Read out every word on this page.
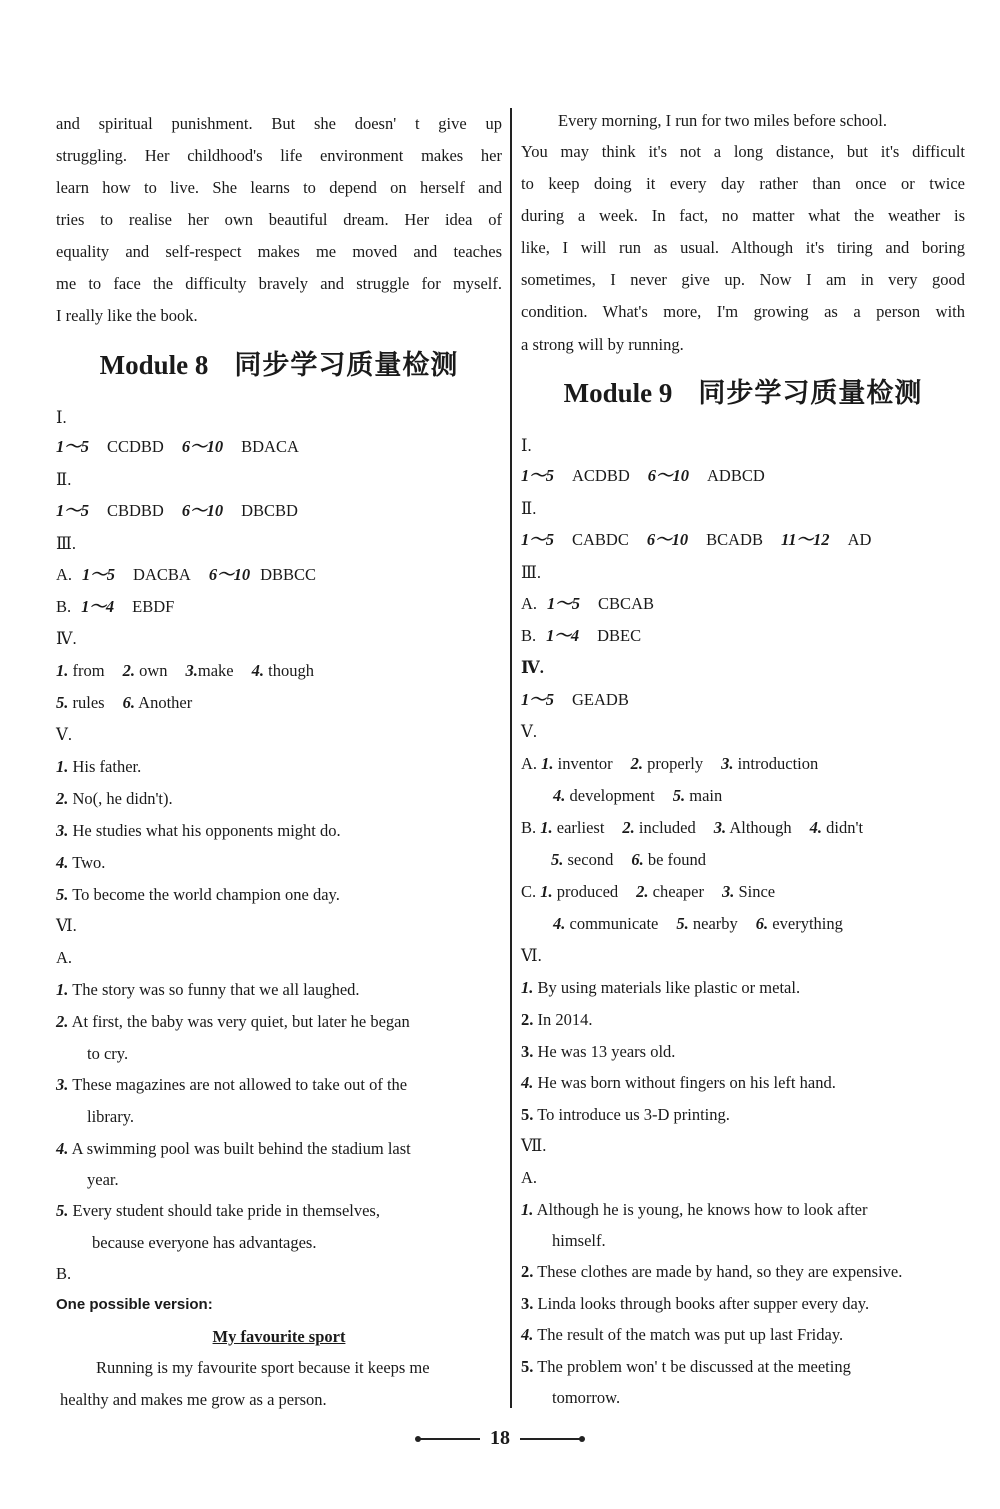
and spiritual punishment. But she doesn' t give up
struggling. Her childhood's life environment makes her
learn how to live. She learns to depend on herself and
tries to realise her own beautiful dream. Her idea of
equality and self-respect makes me moved and teaches
me to face the difficulty bravely and struggle for myself.
I really like the book.
Module 8 同步学习质量检测
Ⅰ.
1～5 CCDBD 6～10 BDACA
Ⅱ.
1～5 CBDBD 6～10 DBCBD
Ⅲ.
A. 1～5 DACBA 6～10 DBBCC
B. 1～4 EBDF
Ⅳ.
1. from 2. own 3.make 4. though
5. rules 6. Another
Ⅴ.
1. His father.
2. No(, he didn't).
3. He studies what his opponents might do.
4. Two.
5. To become the world champion one day.
Ⅵ.
A.
1. The story was so funny that we all laughed.
2. At first, the baby was very quiet, but later he began
to cry.
3. These magazines are not allowed to take out of the
library.
4. A swimming pool was built behind the stadium last
year.
5. Every student should take pride in themselves,
because everyone has advantages.
B.
One possible version:
My favourite sport
Running is my favourite sport because it keeps me
healthy and makes me grow as a person.
Every morning, I run for two miles before school.
You may think it's not a long distance, but it's difficult
to keep doing it every day rather than once or twice
during a week. In fact, no matter what the weather is
like, I will run as usual. Although it's tiring and boring
sometimes, I never give up. Now I am in very good
condition. What's more, I'm growing as a person with
a strong will by running.
Module 9 同步学习质量检测
Ⅰ.
1～5 ACDBD 6～10 ADBCD
Ⅱ.
1～5 CABDC 6～10 BCADB 11～12 AD
Ⅲ.
A. 1～5 CBCAB
B. 1～4 DBEC
Ⅳ.
1～5 GEADB
Ⅴ.
A. 1. inventor 2. properly 3. introduction
4. development 5. main
B. 1. earliest 2. included 3. Although 4. didn't
5. second 6. be found
C. 1. produced 2. cheaper 3. Since
4. communicate 5. nearby 6. everything
Ⅵ.
1. By using materials like plastic or metal.
2. In 2014.
3. He was 13 years old.
4. He was born without fingers on his left hand.
5. To introduce us 3-D printing.
Ⅶ.
A.
1. Although he is young, he knows how to look after
himself.
2. These clothes are made by hand, so they are expensive.
3. Linda looks through books after supper every day.
4. The result of the match was put up last Friday.
5. The problem won' t be discussed at the meeting
tomorrow.
18
